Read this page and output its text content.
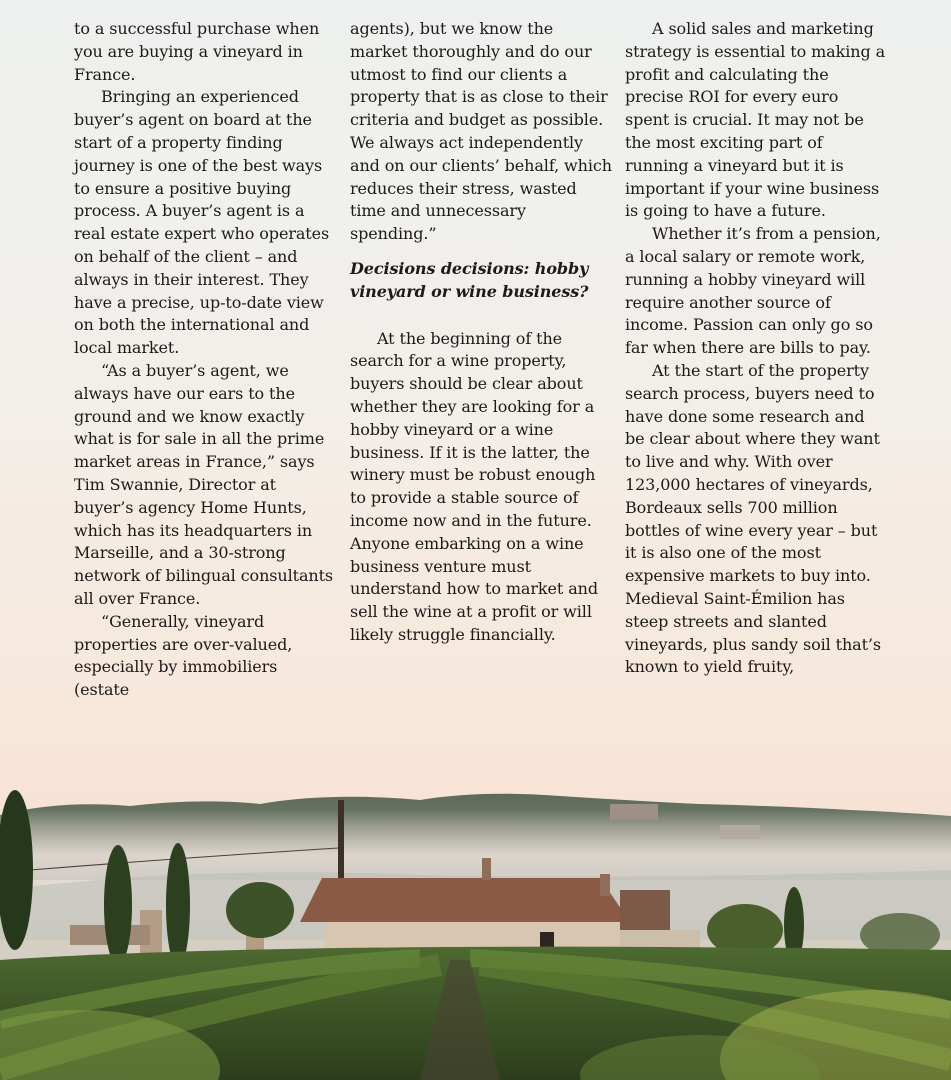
to a successful purchase when you are buying a vineyard in France.

Bringing an experienced buyer’s agent on board at the start of a property finding journey is one of the best ways to ensure a positive buying process. A buyer’s agent is a real estate expert who operates on behalf of the client – and always in their interest. They have a precise, up-to-date view on both the international and local market.

“As a buyer’s agent, we always have our ears to the ground and we know exactly what is for sale in all the prime market areas in France,” says Tim Swannie, Director at buyer’s agency Home Hunts, which has its headquarters in Marseille, and a 30-strong network of bilingual consultants all over France.

“Generally, vineyard properties are over-valued, especially by immobiliers (estate

agents), but we know the market thoroughly and do our utmost to find our clients a property that is as close to their criteria and budget as possible. We always act independently and on our clients’ behalf, which reduces their stress, wasted time and unnecessary spending.”

Decisions decisions: hobby vineyard or wine business?

At the beginning of the search for a wine property, buyers should be clear about whether they are looking for a hobby vineyard or a wine business. If it is the latter, the winery must be robust enough to provide a stable source of income now and in the future. Anyone embarking on a wine business venture must understand how to market and sell the wine at a profit or will likely struggle financially.

A solid sales and marketing strategy is essential to making a profit and calculating the precise ROI for every euro spent is crucial. It may not be the most exciting part of running a vineyard but it is important if your wine business is going to have a future.

Whether it’s from a pension, a local salary or remote work, running a hobby vineyard will require another source of income. Passion can only go so far when there are bills to pay.

At the start of the property search process, buyers need to have done some research and be clear about where they want to live and why. With over 123,000 hectares of vineyards, Bordeaux sells 700 million bottles of wine every year – but it is also one of the most expensive markets to buy into. Medieval Saint-Émilion has steep streets and slanted vineyards, plus sandy soil that’s known to yield fruity,
